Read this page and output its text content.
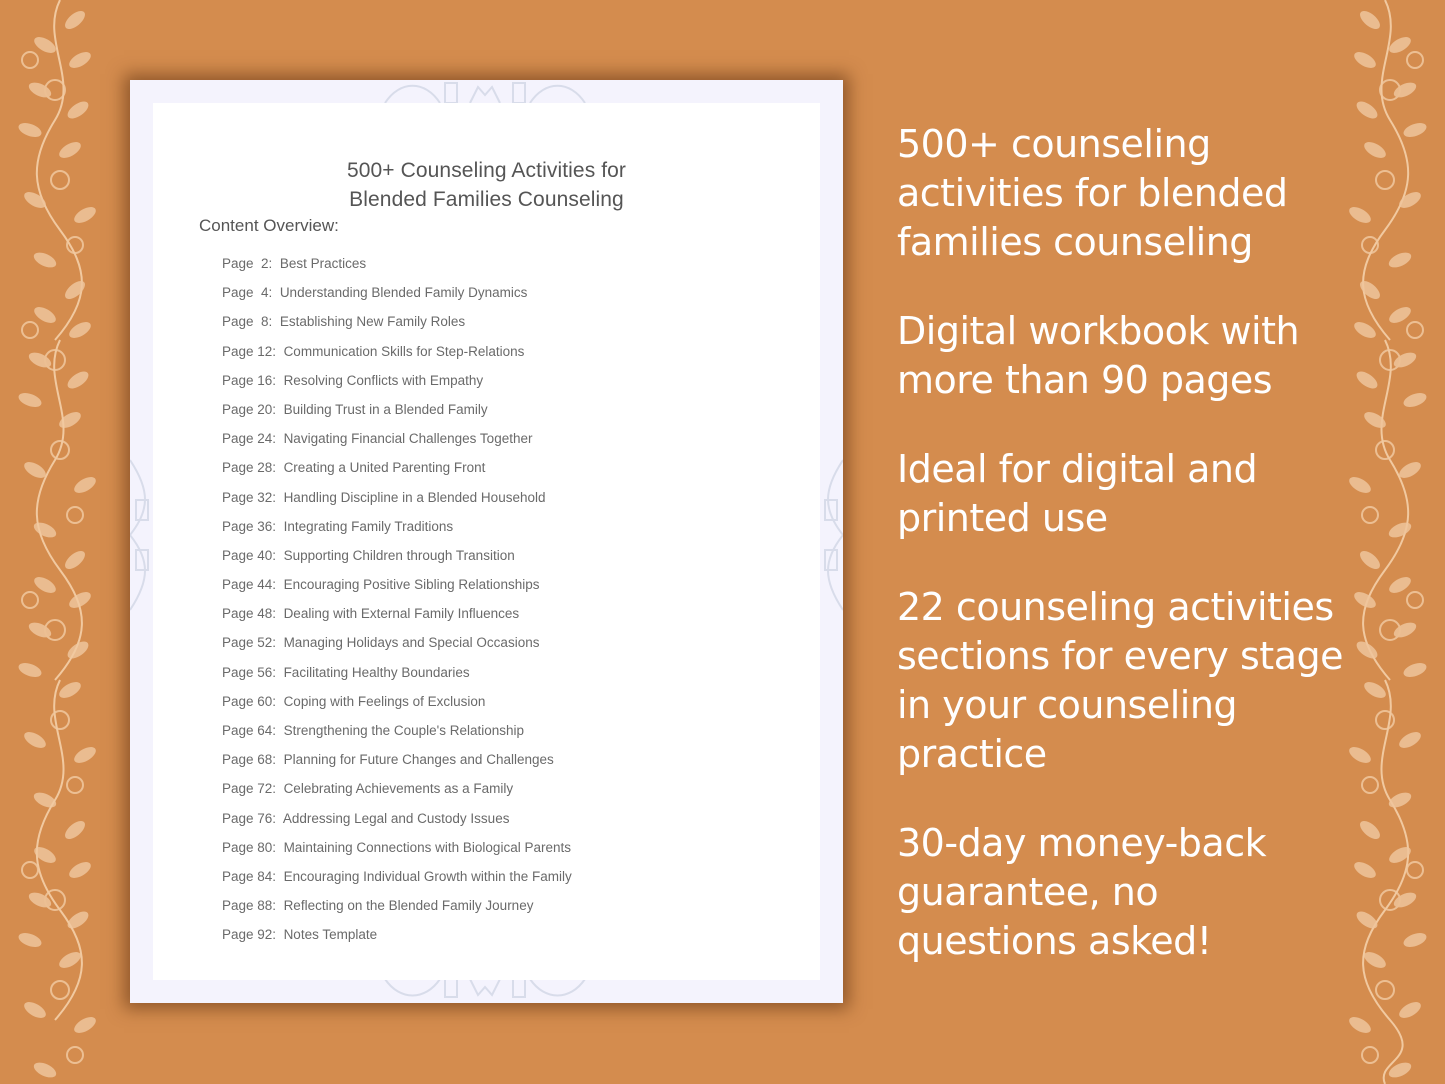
500+ Counseling Activities for
Blended Families Counseling
Content Overview:
Page  2: Best Practices
Page  4: Understanding Blended Family Dynamics
Page  8: Establishing New Family Roles
Page 12: Communication Skills for Step-Relations
Page 16: Resolving Conflicts with Empathy
Page 20: Building Trust in a Blended Family
Page 24: Navigating Financial Challenges Together
Page 28: Creating a United Parenting Front
Page 32: Handling Discipline in a Blended Household
Page 36: Integrating Family Traditions
Page 40: Supporting Children through Transition
Page 44: Encouraging Positive Sibling Relationships
Page 48: Dealing with External Family Influences
Page 52: Managing Holidays and Special Occasions
Page 56: Facilitating Healthy Boundaries
Page 60: Coping with Feelings of Exclusion
Page 64: Strengthening the Couple's Relationship
Page 68: Planning for Future Changes and Challenges
Page 72: Celebrating Achievements as a Family
Page 76: Addressing Legal and Custody Issues
Page 80: Maintaining Connections with Biological Parents
Page 84: Encouraging Individual Growth within the Family
Page 88: Reflecting on the Blended Family Journey
Page 92: Notes Template
500+ counseling
activities for blended
families counseling
Digital workbook with
more than 90 pages
Ideal for digital and
printed use
22 counseling activities
sections for every stage
in your counseling
practice
30-day money-back
guarantee, no
questions asked!
